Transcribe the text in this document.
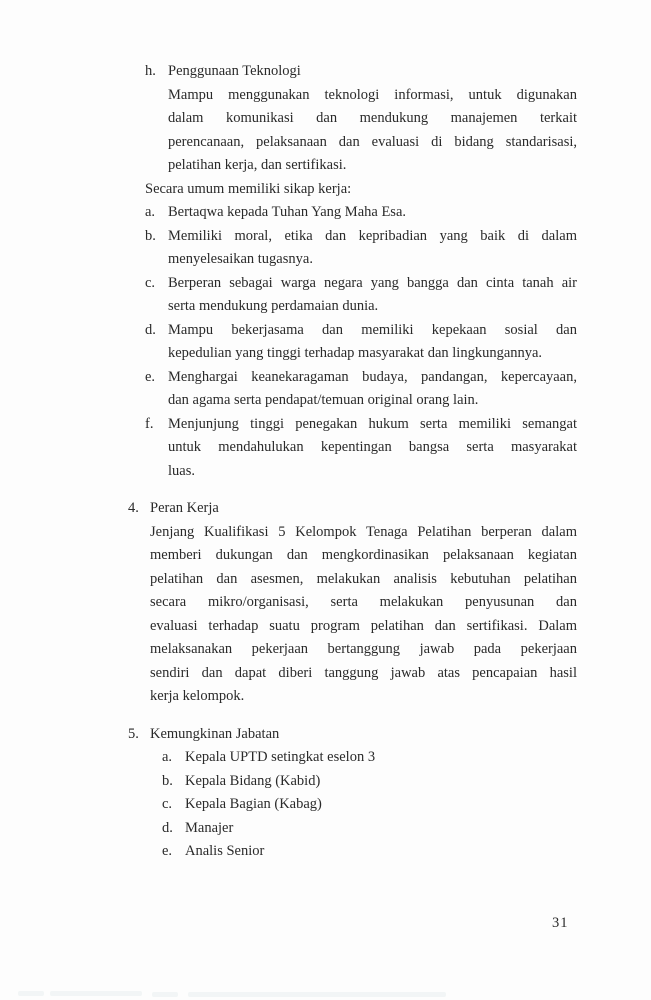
h. Penggunaan Teknologi
Mampu menggunakan teknologi informasi, untuk digunakan
dalam komunikasi dan mendukung manajemen terkait
perencanaan, pelaksanaan dan evaluasi di bidang standarisasi,
pelatihan kerja, dan sertifikasi.
Secara umum memiliki sikap kerja:
a. Bertaqwa kepada Tuhan Yang Maha Esa.
b. Memiliki moral, etika dan kepribadian yang baik di dalam
menyelesaikan tugasnya.
c. Berperan sebagai warga negara yang bangga dan cinta tanah air
serta mendukung perdamaian dunia.
d. Mampu bekerjasama dan memiliki kepekaan sosial dan
kepedulian yang tinggi terhadap masyarakat dan lingkungannya.
e. Menghargai keanekaragaman budaya, pandangan, kepercayaan,
dan agama serta pendapat/temuan original orang lain.
f.	Menjunjung tinggi penegakan hukum serta memiliki semangat
untuk mendahulukan kepentingan bangsa serta masyarakat
luas.
4. Peran Kerja
Jenjang Kualifikasi 5 Kelompok Tenaga Pelatihan berperan dalam
memberi dukungan dan mengkordinasikan pelaksanaan kegiatan
pelatihan dan asesmen, melakukan analisis kebutuhan pelatihan
secara mikro/organisasi, serta melakukan penyusunan dan
evaluasi terhadap suatu program pelatihan dan sertifikasi. Dalam
melaksanakan pekerjaan bertanggung jawab pada pekerjaan
sendiri dan dapat diberi tanggung jawab atas pencapaian hasil
kerja kelompok.
5. Kemungkinan Jabatan
a. Kepala UPTD setingkat eselon 3
b. Kepala Bidang (Kabid)
c. Kepala Bagian (Kabag)
d. Manajer
e. Analis Senior
31
